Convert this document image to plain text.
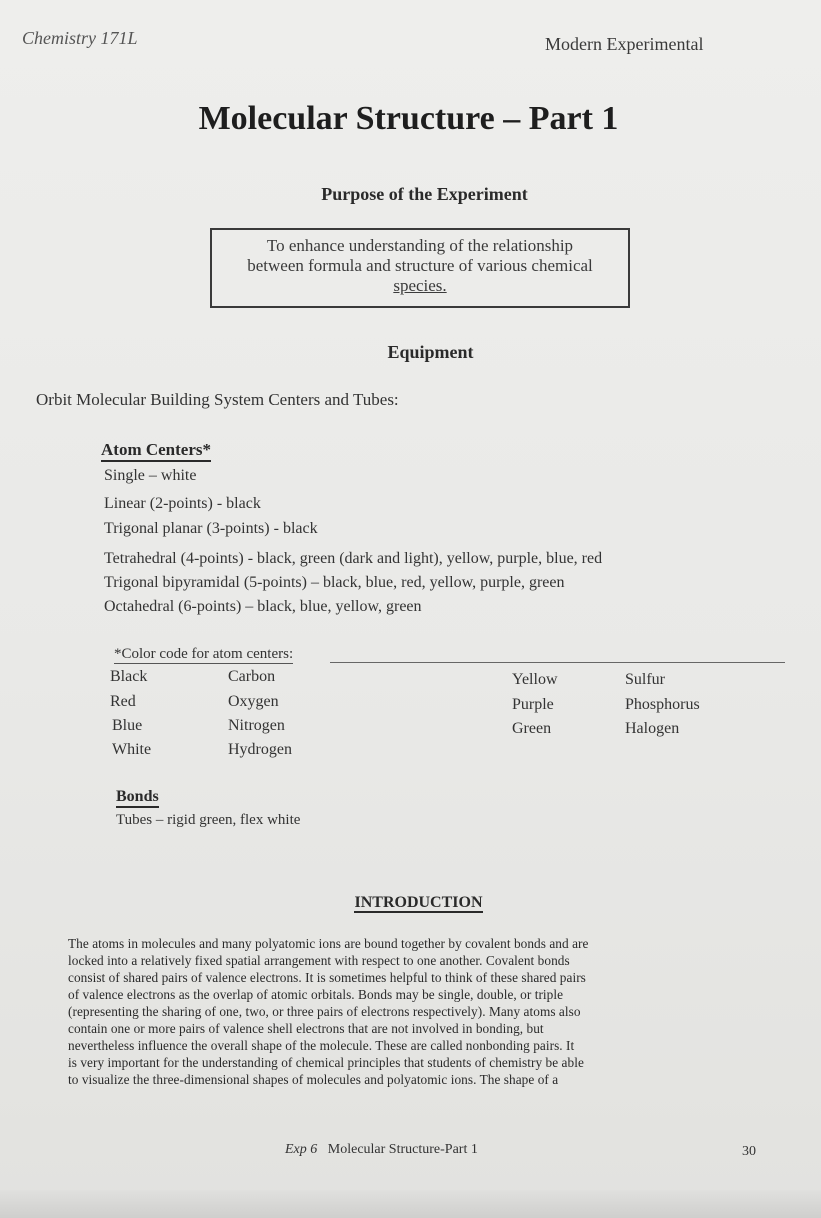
Chemistry 171L	Modern Experimental
Molecular Structure – Part 1
Purpose of the Experiment
To enhance understanding of the relationship
between formula and structure of various chemical
species.
Equipment
Orbit Molecular Building System Centers and Tubes:
Atom Centers*
Single – white
Linear (2-points) - black
Trigonal planar (3-points) - black
Tetrahedral (4-points) - black, green (dark and light), yellow, purple, blue, red
Trigonal bipyramidal (5-points) – black, blue, red, yellow, purple, green
Octahedral (6-points) – black, blue, yellow, green
*Color code for atom centers:
Black	Carbon
Red	Oxygen
Blue	Nitrogen
White	Hydrogen
Yellow	Sulfur
Purple	Phosphorus
Green	Halogen
Bonds
Tubes – rigid green, flex white
INTRODUCTION
The atoms in molecules and many polyatomic ions are bound together by covalent bonds and are
locked into a relatively fixed spatial arrangement with respect to one another. Covalent bonds
consist of shared pairs of valence electrons. It is sometimes helpful to think of these shared pairs
of valence electrons as the overlap of atomic orbitals. Bonds may be single, double, or triple
(representing the sharing of one, two, or three pairs of electrons respectively). Many atoms also
contain one or more pairs of valence shell electrons that are not involved in bonding, but
nevertheless influence the overall shape of the molecule. These are called nonbonding pairs. It
is very important for the understanding of chemical principles that students of chemistry be able
to visualize the three-dimensional shapes of molecules and polyatomic ions. The shape of a
Exp 6 Molecular Structure-Part 1	30
